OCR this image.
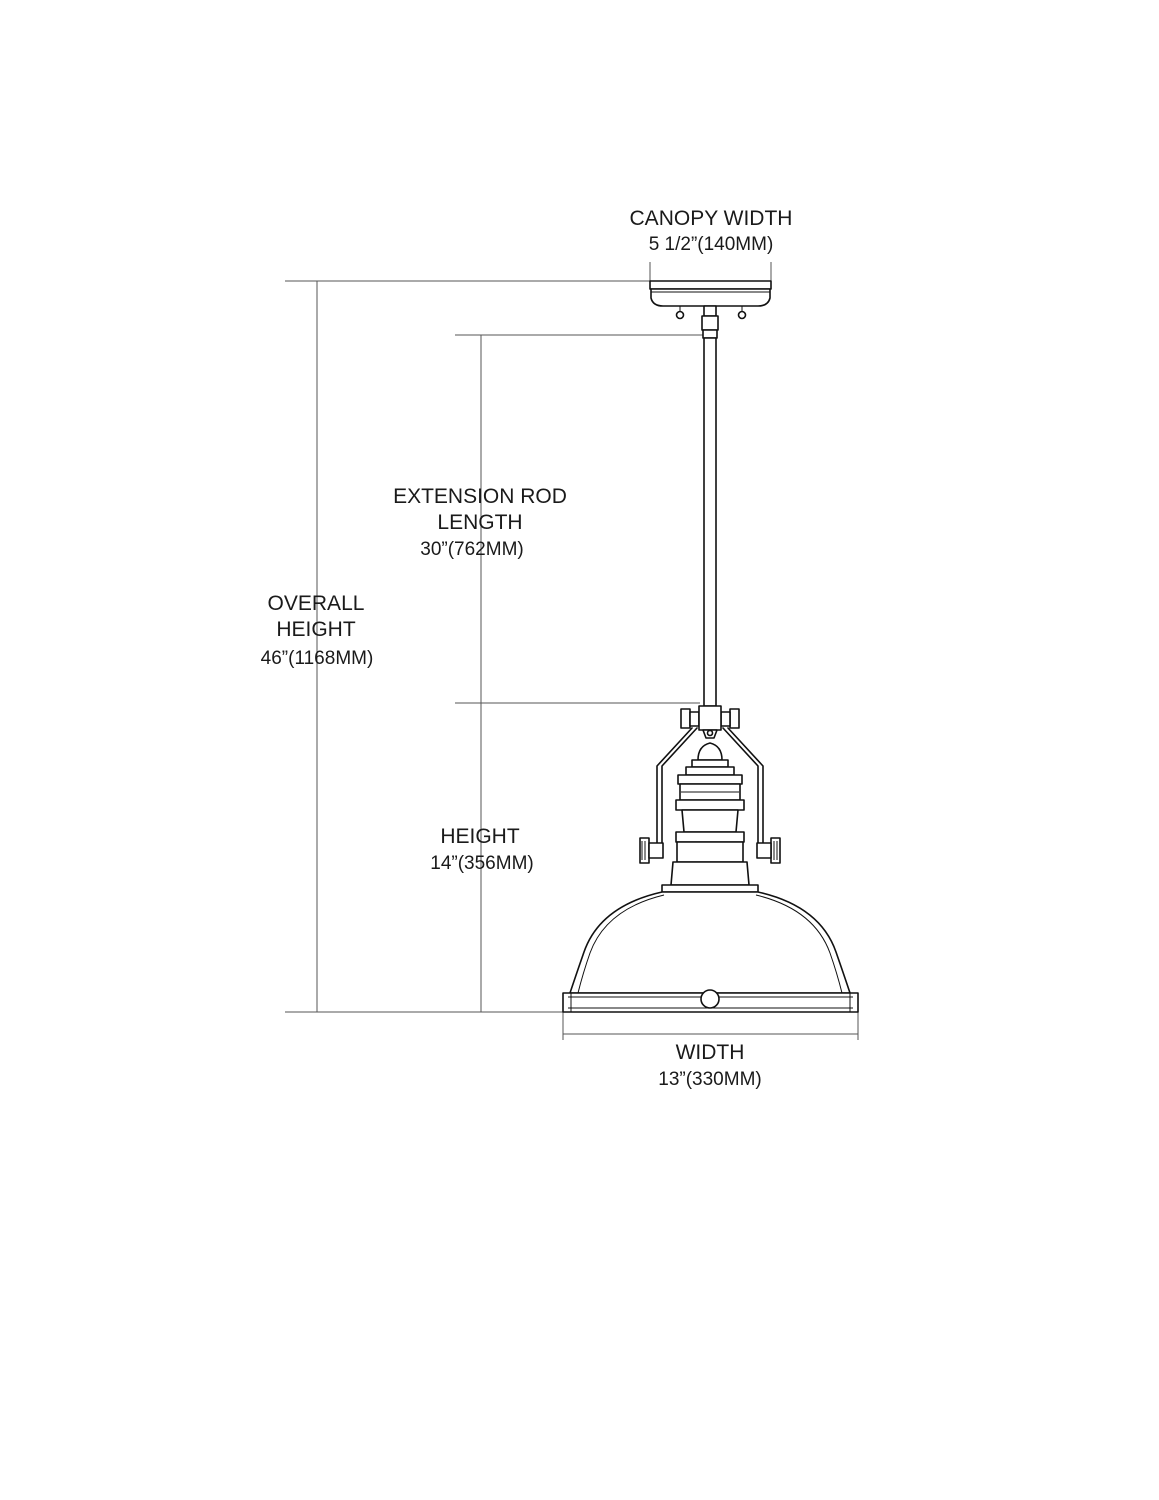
CANOPY WIDTH
5 1/2”(140MM)
EXTENSION ROD
LENGTH
30”(762MM)
OVERALL
HEIGHT
46”(1168MM)
HEIGHT
14”(356MM)
WIDTH
13”(330MM)
